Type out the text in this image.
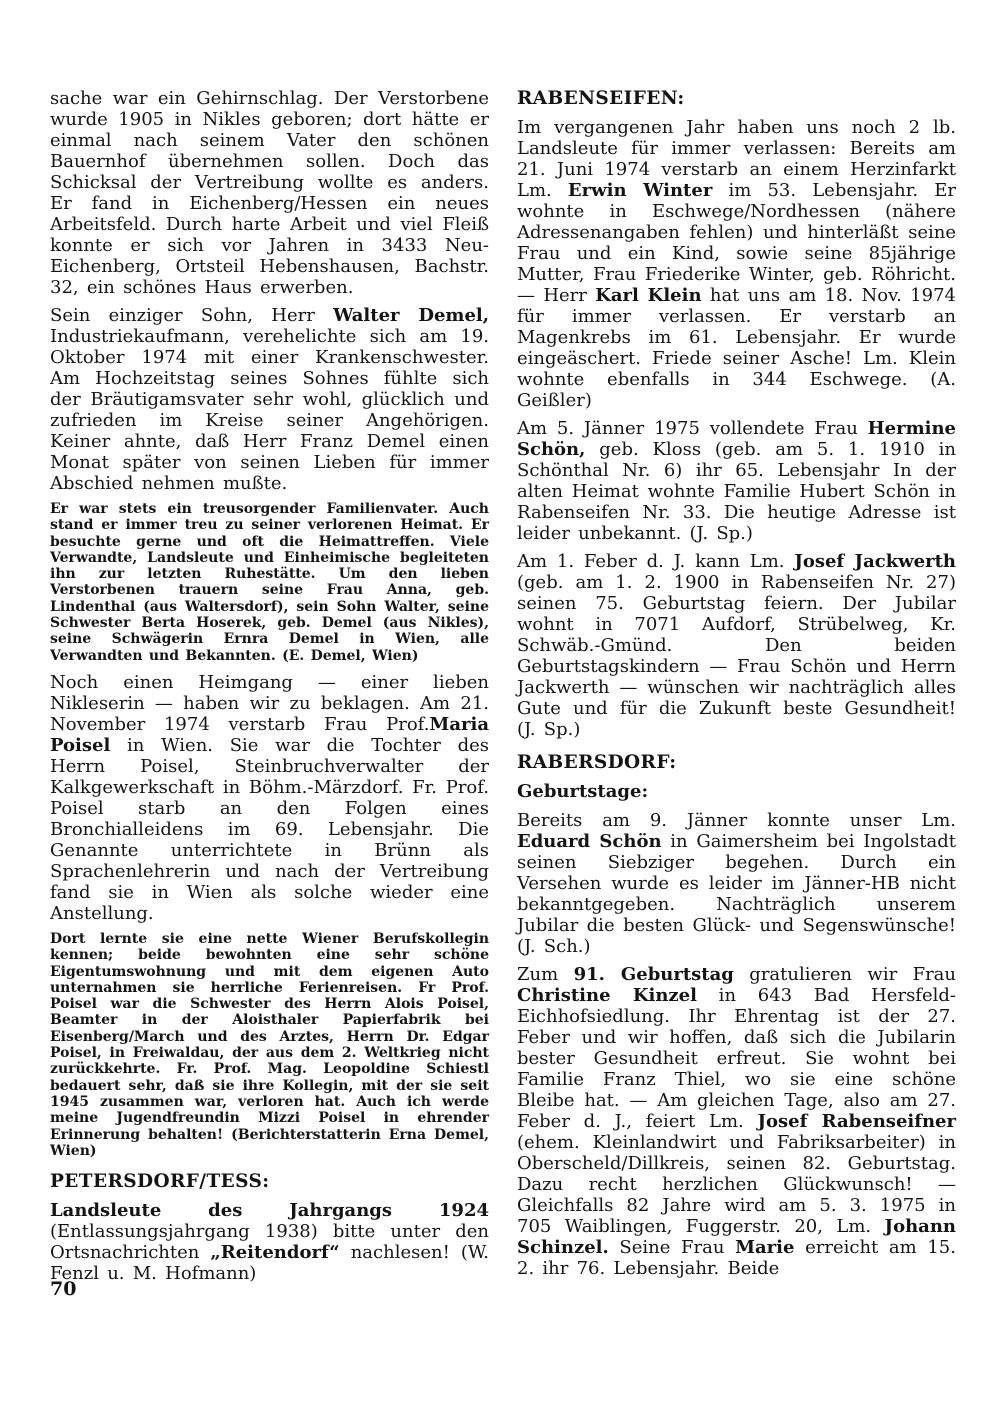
sache war ein Gehirnschlag. Der Verstorbene wurde 1905 in Nikles geboren; dort hätte er einmal nach seinem Vater den schönen Bauernhof übernehmen sollen. Doch das Schicksal der Vertreibung wollte es anders. Er fand in Eichenberg/Hessen ein neues Arbeitsfeld. Durch harte Arbeit und viel Fleiß konnte er sich vor Jahren in 3433 Neu-Eichenberg, Ortsteil Hebenshausen, Bachstr. 32, ein schönes Haus erwerben.
Sein einziger Sohn, Herr Walter Demel, Industriekaufmann, verehelichte sich am 19. Oktober 1974 mit einer Krankenschwester. Am Hochzeitstag seines Sohnes fühlte sich der Bräutigamsvater sehr wohl, glücklich und zufrieden im Kreise seiner Angehörigen. Keiner ahnte, daß Herr Franz Demel einen Monat später von seinen Lieben für immer Abschied nehmen mußte.
Er war stets ein treusorgender Familienvater. Auch stand er immer treu zu seiner verlorenen Heimat. Er besuchte gerne und oft die Heimattreffen. Viele Verwandte, Landsleute und Einheimische begleiteten ihn zur letzten Ruhestätte. Um den lieben Verstorbenen trauern seine Frau Anna, geb. Lindenthal (aus Waltersdorf), sein Sohn Walter, seine Schwester Berta Hoserek, geb. Demel (aus Nikles), seine Schwägerin Ernra Demel in Wien, alle Verwandten und Bekannten. (E. Demel, Wien)
Noch einen Heimgang — einer lieben Nikleserin — haben wir zu beklagen. Am 21. November 1974 verstarb Frau Prof.Maria Poisel in Wien. Sie war die Tochter des Herrn Poisel, Steinbruchverwalter der Kalkgewerkschaft in Böhm.-Märzdorf. Fr. Prof. Poisel starb an den Folgen eines Bronchialleidens im 69. Lebensjahr. Die Genannte unterrichtete in Brünn als Sprachenlehrerin und nach der Vertreibung fand sie in Wien als solche wieder eine Anstellung.
Dort lernte sie eine nette Wiener Berufskollegin kennen; beide bewohnten eine sehr schöne Eigentumswohnung und mit dem eigenen Auto unternahmen sie herrliche Ferienreisen. Fr Prof. Poisel war die Schwester des Herrn Alois Poisel, Beamter in der Aloisthaler Papierfabrik bei Eisenberg/March und des Arztes, Herrn Dr. Edgar Poisel, in Freiwaldau, der aus dem 2. Weltkrieg nicht zurückkehrte. Fr. Prof. Mag. Leopoldine Schiestl bedauert sehr, daß sie ihre Kollegin, mit der sie seit 1945 zusammen war, verloren hat. Auch ich werde meine Jugendfreundin Mizzi Poisel in ehrender Erinnerung behalten! (Berichterstatterin Erna Demel, Wien)
PETERSDORF/TESS:
Landsleute des Jahrgangs 1924 (Entlassungsjahrgang 1938) bitte unter den Ortsnachrichten „Reitendorf“ nachlesen! (W. Fenzl u. M. Hofmann)
RABENSEIFEN:
Im vergangenen Jahr haben uns noch 2 lb. Landsleute für immer verlassen: Bereits am 21. Juni 1974 verstarb an einem Herzinfarkt Lm. Erwin Winter im 53. Lebensjahr. Er wohnte in Eschwege/Nordhessen (nähere Adressenangaben fehlen) und hinterläßt seine Frau und ein Kind, sowie seine 85jährige Mutter, Frau Friederike Winter, geb. Röhricht. — Herr Karl Klein hat uns am 18. Nov. 1974 für immer verlassen. Er verstarb an Magenkrebs im 61. Lebensjahr. Er wurde eingeäschert. Friede seiner Asche! Lm. Klein wohnte ebenfalls in 344 Eschwege. (A. Geißler)
Am 5. Jänner 1975 vollendete Frau Hermine Schön, geb. Kloss (geb. am 5. 1. 1910 in Schönthal Nr. 6) ihr 65. Lebensjahr In der alten Heimat wohnte Familie Hubert Schön in Rabenseifen Nr. 33. Die heutige Adresse ist leider unbekannt. (J. Sp.)
Am 1. Feber d. J. kann Lm. Josef Jackwerth (geb. am 1. 2. 1900 in Rabenseifen Nr. 27) seinen 75. Geburtstag feiern. Der Jubilar wohnt in 7071 Aufdorf, Strübelweg, Kr. Schwäb.-Gmünd. Den beiden Geburtstagskindern — Frau Schön und Herrn Jackwerth — wünschen wir nachträglich alles Gute und für die Zukunft beste Gesundheit! (J. Sp.)
RABERSDORF:
Geburtstage:
Bereits am 9. Jänner konnte unser Lm. Eduard Schön in Gaimersheim bei Ingolstadt seinen Siebziger begehen. Durch ein Versehen wurde es leider im Jänner-HB nicht bekanntgegeben. Nachträglich unserem Jubilar die besten Glück- und Segenswünsche! (J. Sch.)
Zum 91. Geburtstag gratulieren wir Frau Christine Kinzel in 643 Bad Hersfeld-Eichhofsiedlung. Ihr Ehrentag ist der 27. Feber und wir hoffen, daß sich die Jubilarin bester Gesundheit erfreut. Sie wohnt bei Familie Franz Thiel, wo sie eine schöne Bleibe hat. — Am gleichen Tage, also am 27. Feber d. J., feiert Lm. Josef Rabenseifner (ehem. Kleinlandwirt und Fabriksarbeiter) in Oberscheld/Dillkreis, seinen 82. Geburtstag. Dazu recht herzlichen Glückwunsch! — Gleichfalls 82 Jahre wird am 5. 3. 1975 in 705 Waiblingen, Fuggerstr. 20, Lm. Johann Schinzel. Seine Frau Marie erreicht am 15. 2. ihr 76. Lebensjahr. Beide
70
